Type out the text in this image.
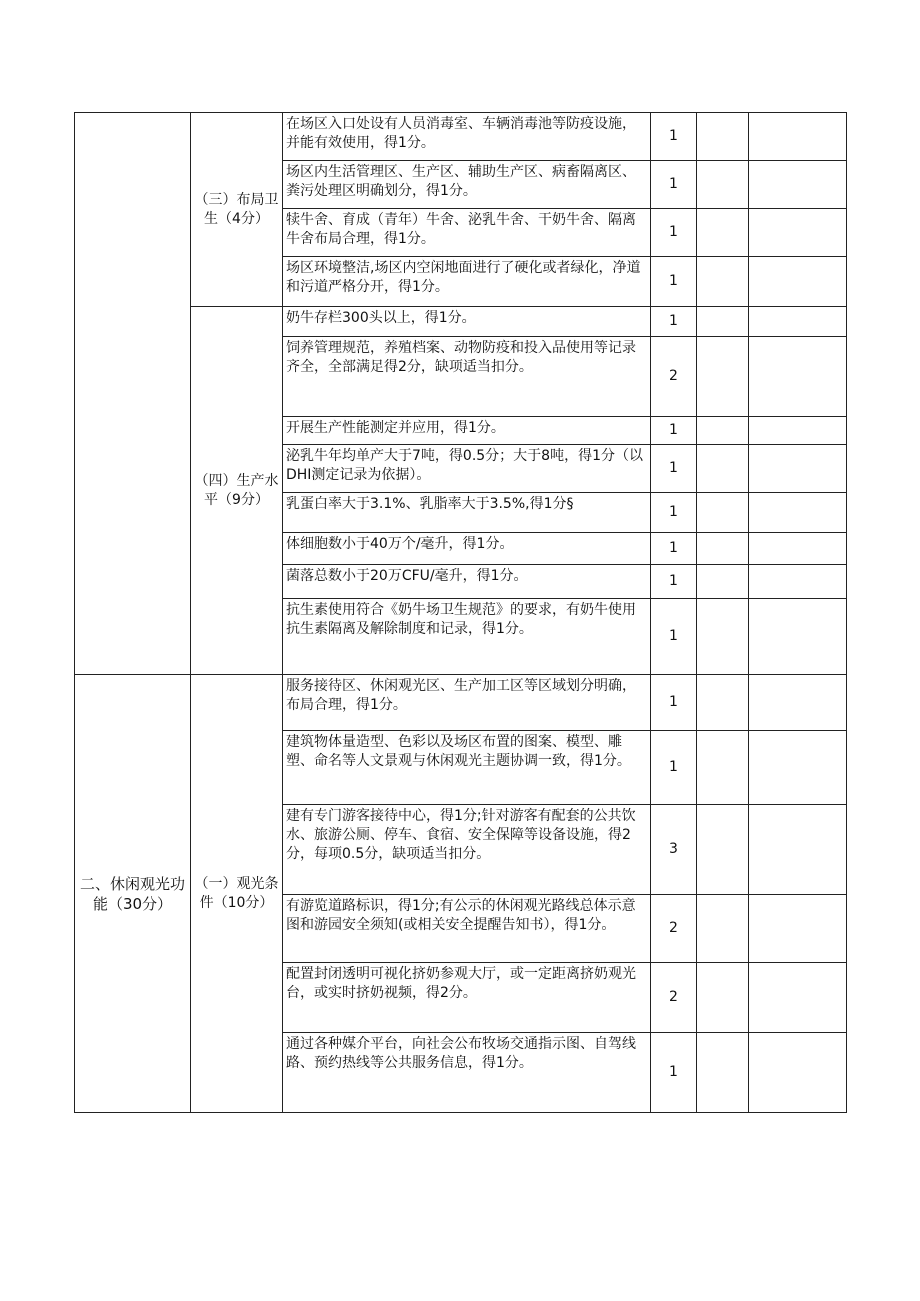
	（三）布局卫生（4分）	在场区入口处设有人员消毒室、车辆消毒池等防疫设施，并能有效使用，得1分。	1		
		场区内生活管理区、生产区、辅助生产区、病畜隔离区、粪污处理区明确划分，得1分。	1		
		犊牛舍、育成（青年）牛舍、泌乳牛舍、干奶牛舍、隔离牛舍布局合理，得1分。	1		
		场区环境整洁,场区内空闲地面进行了硬化或者绿化，净道和污道严格分开，得1分。	1		
	（四）生产水平（9分）	奶牛存栏300头以上，得1分。	1		
		饲养管理规范，养殖档案、动物防疫和投入品使用等记录齐全，全部满足得2分，缺项适当扣分。	2		
		开展生产性能测定并应用，得1分。	1		
		泌乳牛年均单产大于7吨，得0.5分；大于8吨，得1分（以DHI测定记录为依据）。	1		
		乳蛋白率大于3.1%、乳脂率大于3.5%,得1分§	1		
		体细胞数小于40万个/毫升，得1分。	1		
		菌落总数小于20万CFU/毫升，得1分。	1		
		抗生素使用符合《奶牛场卫生规范》的要求，有奶牛使用抗生素隔离及解除制度和记录，得1分。	1		
二、休闲观光功能（30分）	（一）观光条件（10分）	服务接待区、休闲观光区、生产加工区等区域划分明确，布局合理，得1分。	1		
		建筑物体量造型、色彩以及场区布置的图案、模型、雕塑、命名等人文景观与休闲观光主题协调一致，得1分。	1		
		建有专门游客接待中心，得1分;针对游客有配套的公共饮水、旅游公厕、停车、食宿、安全保障等设备设施，得2分，每项0.5分，缺项适当扣分。	3		
		有游览道路标识，得1分;有公示的休闲观光路线总体示意图和游园安全须知(或相关安全提醒告知书），得1分。	2		
		配置封闭透明可视化挤奶参观大厅，或一定距离挤奶观光台，或实时挤奶视频，得2分。	2		
		通过各种媒介平台，向社会公布牧场交通指示图、自驾线路、预约热线等公共服务信息，得1分。	1		
